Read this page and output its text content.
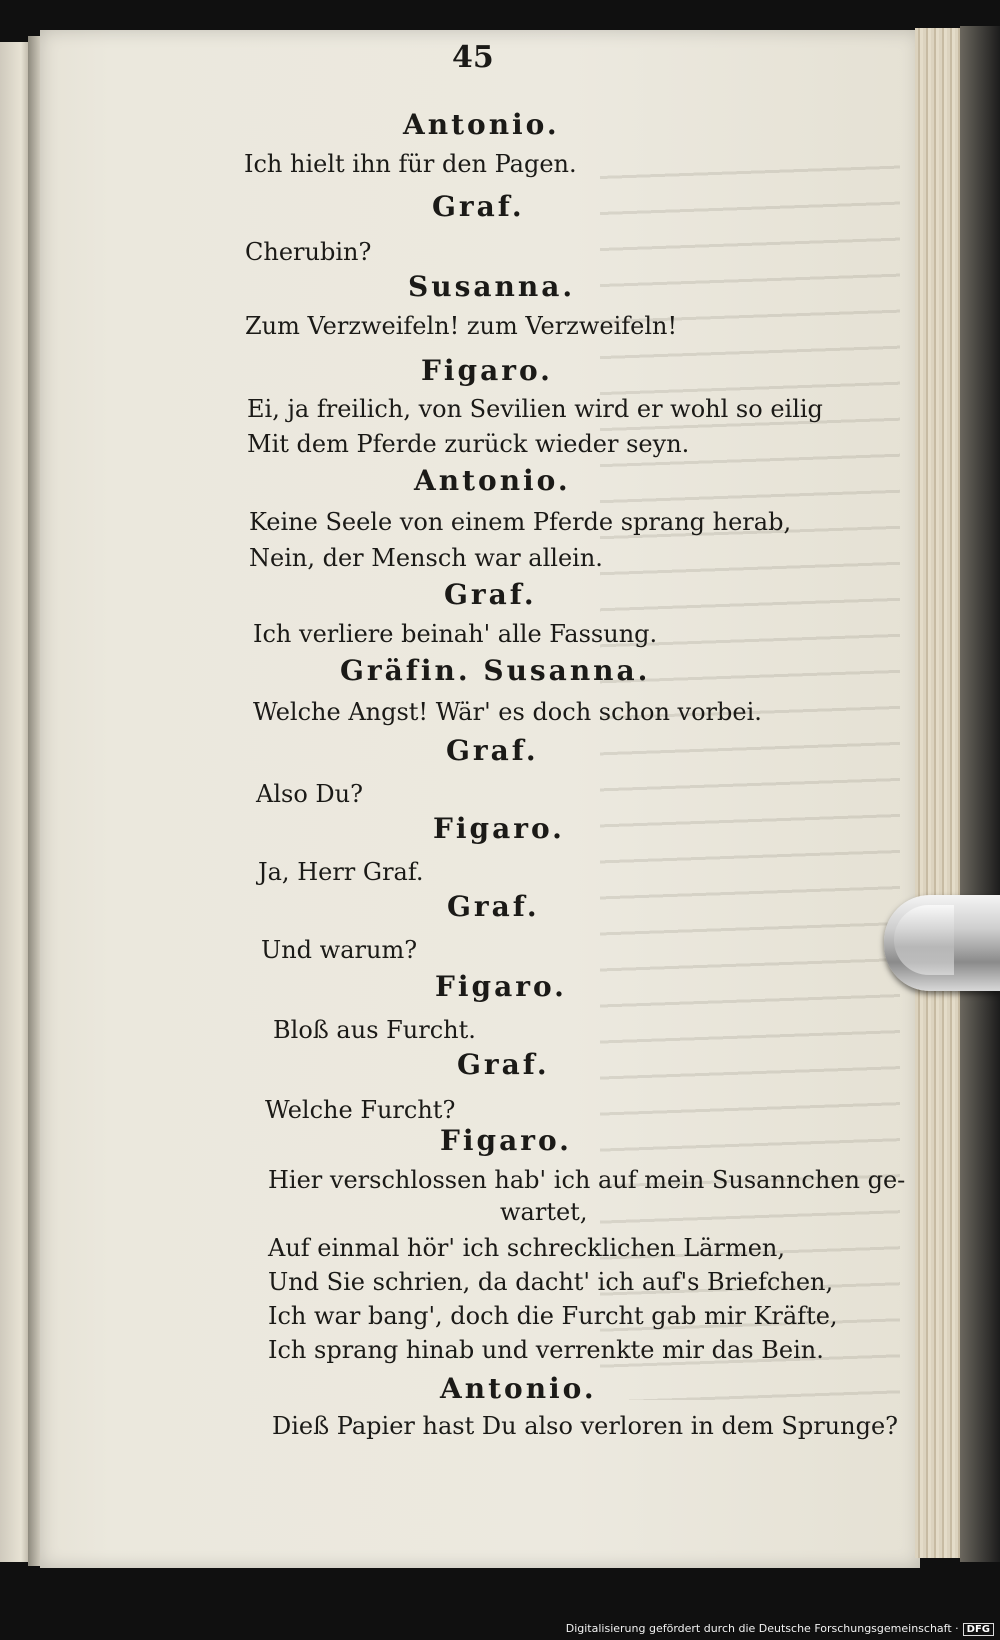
45
Antonio.
Ich hielt ihn für den Pagen.
Graf.
Cherubin?
Susanna.
Zum Verzweifeln! zum Verzweifeln!
Figaro.
Ei, ja freilich, von Sevilien wird er wohl so eilig
Mit dem Pferde zurück wieder seyn.
Antonio.
Keine Seele von einem Pferde sprang herab,
Nein, der Mensch war allein.
Graf.
Ich verliere beinah' alle Fassung.
Gräfin. Susanna.
Welche Angst! Wär' es doch schon vorbei.
Graf.
Also Du?
Figaro.
Ja, Herr Graf.
Graf.
Und warum?
Figaro.
Bloß aus Furcht.
Graf.
Welche Furcht?
Figaro.
Hier verschlossen hab' ich auf mein Susannchen ge-
wartet,
Auf einmal hör' ich schrecklichen Lärmen,
Und Sie schrien, da dacht' ich auf's Briefchen,
Ich war bang', doch die Furcht gab mir Kräfte,
Ich sprang hinab und verrenkte mir das Bein.
Antonio.
Dieß Papier hast Du also verloren in dem Sprunge?
Digitalisierung gefördert durch die Deutsche Forschungsgemeinschaft · DFG
